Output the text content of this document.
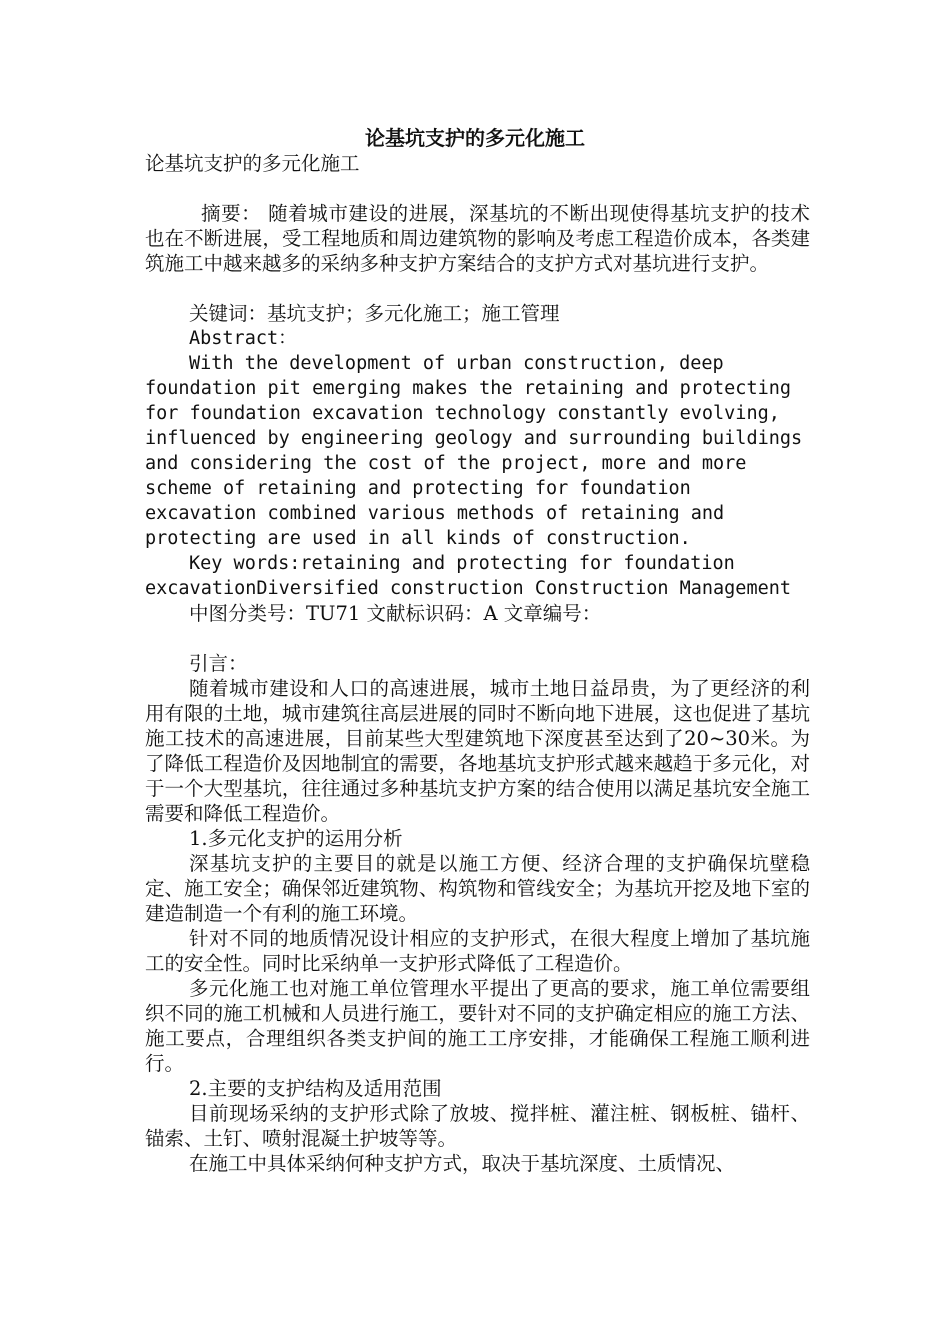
论基坑支护的多元化施工

论基坑支护的多元化施工

摘要： 随着城市建设的进展，深基坑的不断出现使得基坑支护的技术也在不断进展，受工程地质和周边建筑物的影响及考虑工程造价成本，各类建筑施工中越来越多的采纳多种支护方案结合的支护方式对基坑进行支护。

关键词：基坑支护；多元化施工；施工管理

Abstract：

With the development of urban construction, deep foundation pit emerging makes the retaining and protecting for foundation excavation technology constantly evolving, influenced by engineering geology and surrounding buildings and considering the cost of the project, more and more scheme of retaining and protecting for foundation excavation combined various methods of retaining and protecting are used in all kinds of construction.

Key words:retaining and protecting for foundation excavationDiversified construction Construction Management

中图分类号：TU71 文献标识码：A 文章编号：

引言：

随着城市建设和人口的高速进展，城市土地日益昂贵，为了更经济的利用有限的土地，城市建筑往高层进展的同时不断向地下进展，这也促进了基坑施工技术的高速进展，目前某些大型建筑地下深度甚至达到了20~30米。为了降低工程造价及因地制宜的需要，各地基坑支护形式越来越趋于多元化，对于一个大型基坑，往往通过多种基坑支护方案的结合使用以满足基坑安全施工需要和降低工程造价。

1.多元化支护的运用分析

深基坑支护的主要目的就是以施工方便、经济合理的支护确保坑壁稳定、施工安全；确保邻近建筑物、构筑物和管线安全；为基坑开挖及地下室的建造制造一个有利的施工环境。

针对不同的地质情况设计相应的支护形式，在很大程度上增加了基坑施工的安全性。同时比采纳单一支护形式降低了工程造价。

多元化施工也对施工单位管理水平提出了更高的要求，施工单位需要组织不同的施工机械和人员进行施工，要针对不同的支护确定相应的施工方法、施工要点，合理组织各类支护间的施工工序安排，才能确保工程施工顺利进行。

2.主要的支护结构及适用范围

目前现场采纳的支护形式除了放坡、搅拌桩、灌注桩、钢板桩、锚杆、锚索、土钉、喷射混凝土护坡等等。

在施工中具体采纳何种支护方式，取决于基坑深度、土质情况、
